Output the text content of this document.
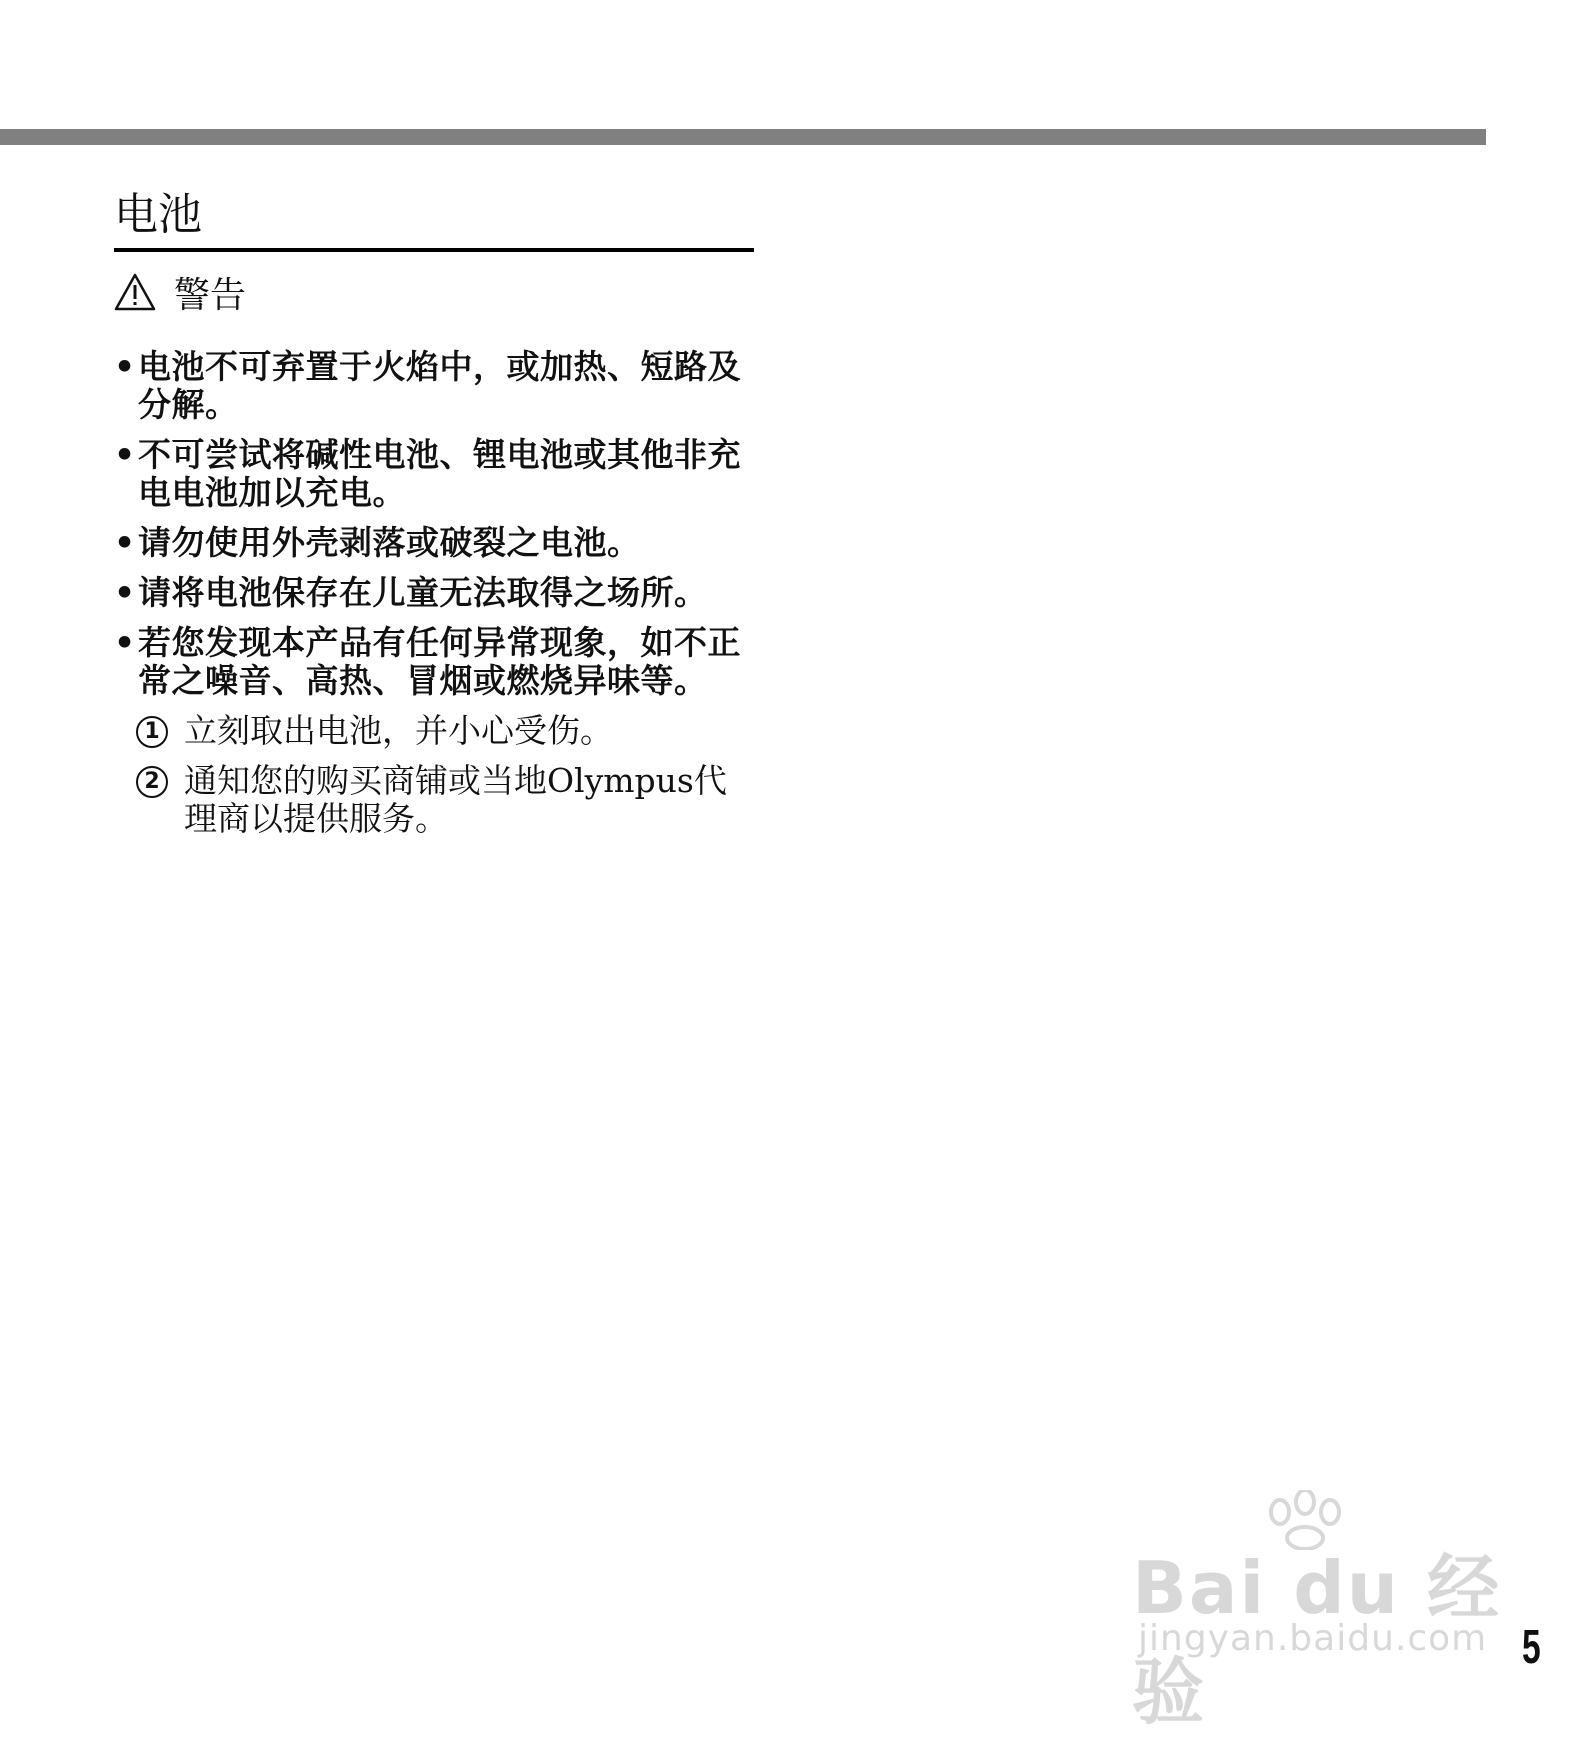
电池
警告
• 电池不可弃置于火焰中，或加热、短路及分解。
• 不可尝试将碱性电池、锂电池或其他非充电电池加以充电。
• 请勿使用外壳剥落或破裂之电池。
• 请将电池保存在儿童无法取得之场所。
• 若您发现本产品有任何异常现象，如不正常之噪音、高热、冒烟或燃烧异味等。
1 立刻取出电池，并小心受伤。
2 通知您的购买商铺或当地Olympus代理商以提供服务。
Bai du 经验
jingyan.baidu.com 5
